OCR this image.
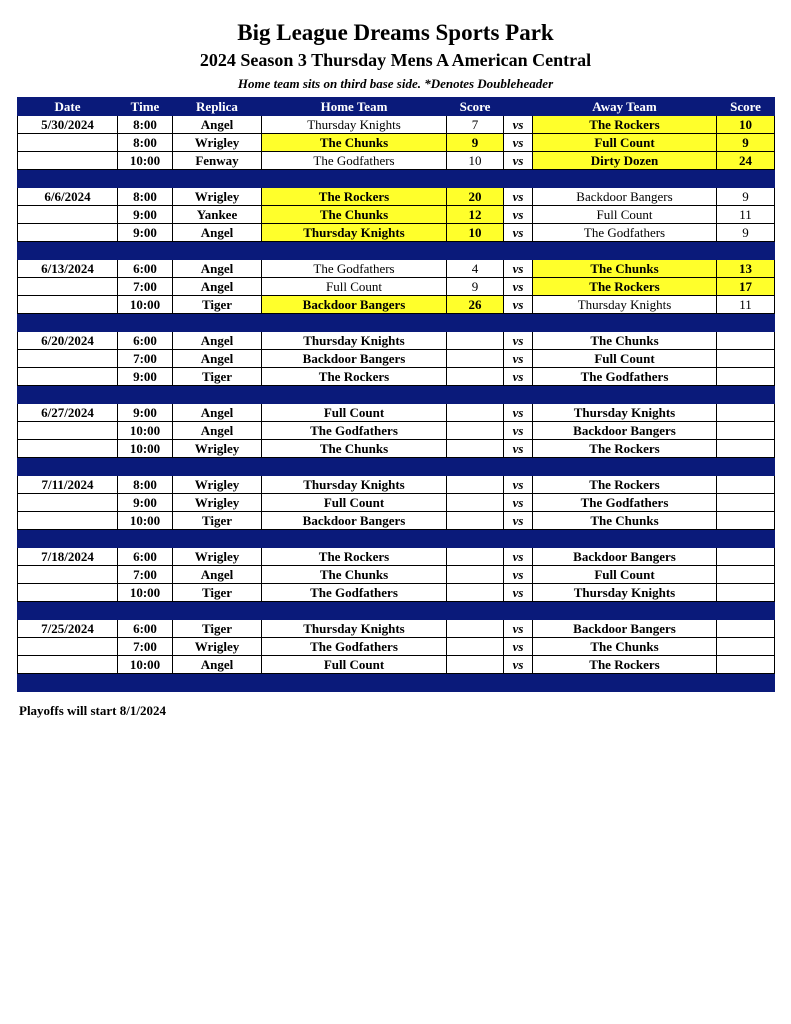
Big League Dreams Sports Park
2024 Season 3 Thursday Mens A American Central
Home team sits on third base side. *Denotes Doubleheader
Date	Time	Replica	Home Team	Score		Away Team	Score
5/30/2024	8:00	Angel	Thursday Knights	7	vs	The Rockers	10
	8:00	Wrigley	The Chunks	9	vs	Full Count	9
	10:00	Fenway	The Godfathers	10	vs	Dirty Dozen	24

6/6/2024	8:00	Wrigley	The Rockers	20	vs	Backdoor Bangers	9
	9:00	Yankee	The Chunks	12	vs	Full Count	11
	9:00	Angel	Thursday Knights	10	vs	The Godfathers	9

6/13/2024	6:00	Angel	The Godfathers	4	vs	The Chunks	13
	7:00	Angel	Full Count	9	vs	The Rockers	17
	10:00	Tiger	Backdoor Bangers	26	vs	Thursday Knights	11

6/20/2024	6:00	Angel	Thursday Knights		vs	The Chunks	
	7:00	Angel	Backdoor Bangers		vs	Full Count	
	9:00	Tiger	The Rockers		vs	The Godfathers	

6/27/2024	9:00	Angel	Full Count		vs	Thursday Knights	
	10:00	Angel	The Godfathers		vs	Backdoor Bangers	
	10:00	Wrigley	The Chunks		vs	The Rockers	

7/11/2024	8:00	Wrigley	Thursday Knights		vs	The Rockers	
	9:00	Wrigley	Full Count		vs	The Godfathers	
	10:00	Tiger	Backdoor Bangers		vs	The Chunks	

7/18/2024	6:00	Wrigley	The Rockers		vs	Backdoor Bangers	
	7:00	Angel	The Chunks		vs	Full Count	
	10:00	Tiger	The Godfathers		vs	Thursday Knights	

7/25/2024	6:00	Tiger	Thursday Knights		vs	Backdoor Bangers	
	7:00	Wrigley	The Godfathers		vs	The Chunks	
	10:00	Angel	Full Count		vs	The Rockers	

Playoffs will start 8/1/2024
